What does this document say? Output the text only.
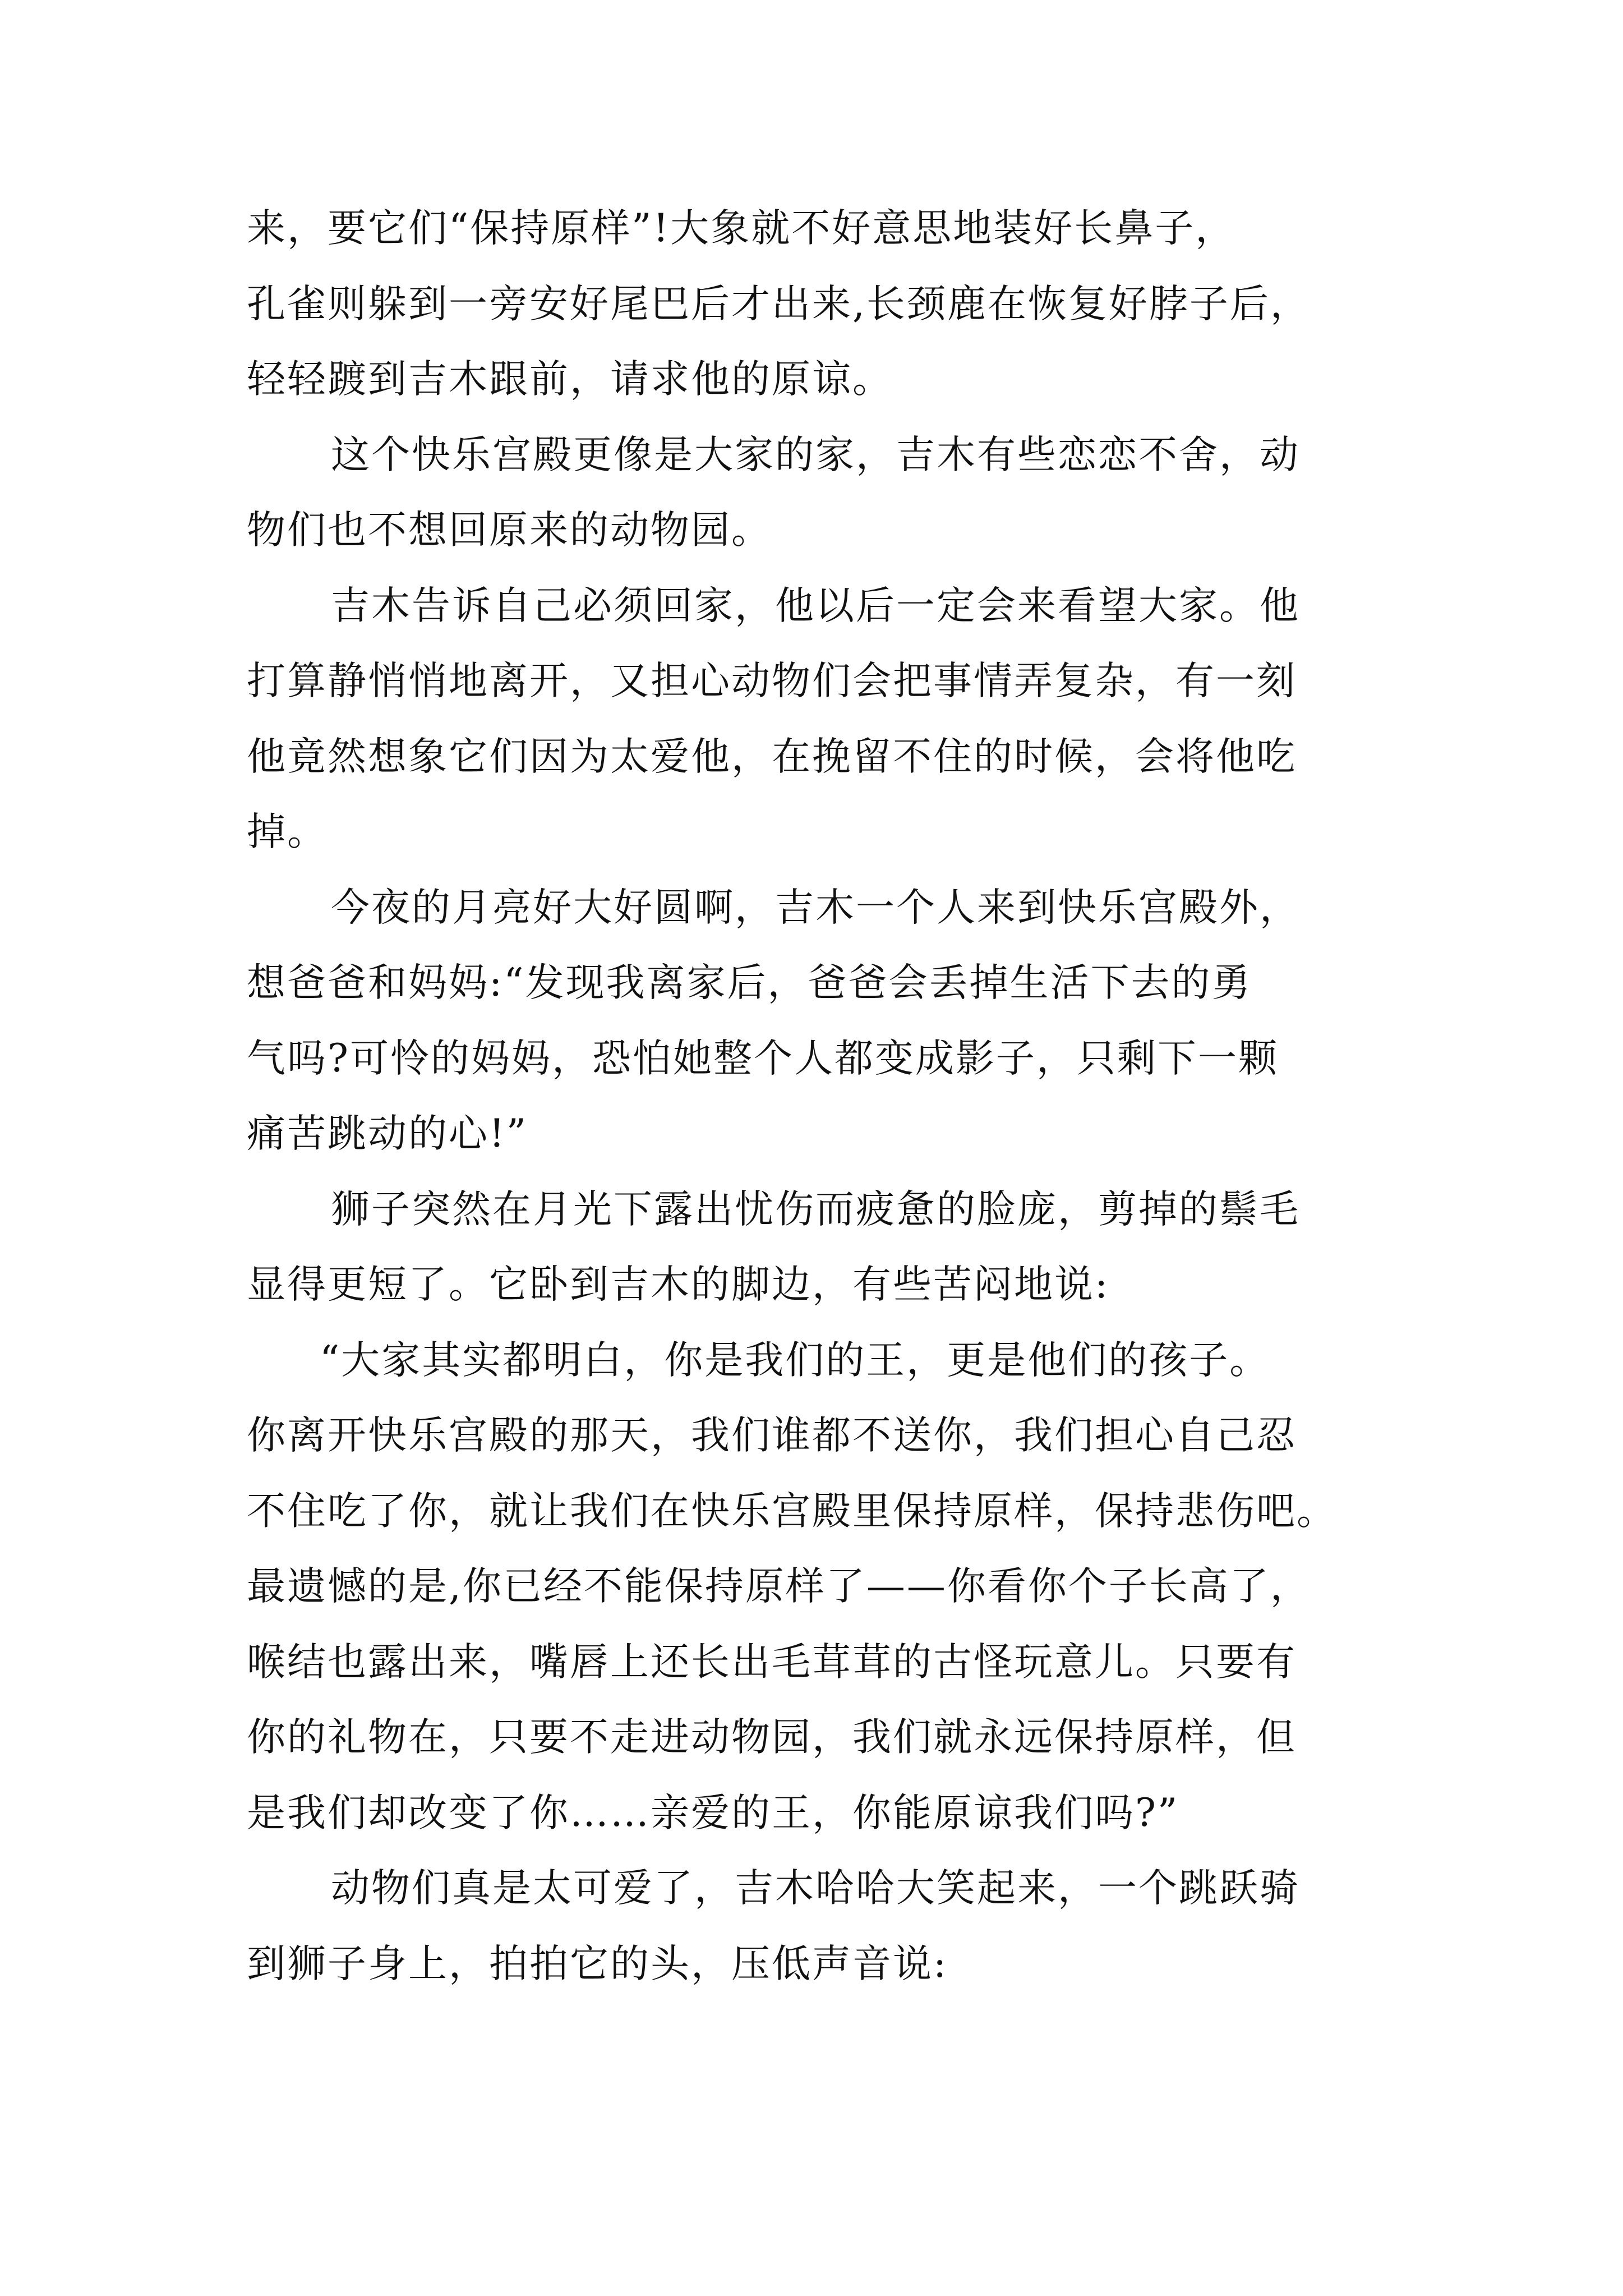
来，要它们“保持原样”!大象就不好意思地装好长鼻子，
孔雀则躲到一旁安好尾巴后才出来,长颈鹿在恢复好脖子后，
轻轻踱到吉木跟前，请求他的原谅。
这个快乐宫殿更像是大家的家，吉木有些恋恋不舍，动
物们也不想回原来的动物园。
吉木告诉自己必须回家，他以后一定会来看望大家。他
打算静悄悄地离开，又担心动物们会把事情弄复杂，有一刻
他竟然想象它们因为太爱他，在挽留不住的时候，会将他吃
掉。
今夜的月亮好大好圆啊，吉木一个人来到快乐宫殿外，
想爸爸和妈妈:“发现我离家后，爸爸会丢掉生活下去的勇
气吗?可怜的妈妈，恐怕她整个人都变成影子，只剩下一颗
痛苦跳动的心!”
狮子突然在月光下露出忧伤而疲惫的脸庞，剪掉的鬃毛
显得更短了。它卧到吉木的脚边，有些苦闷地说:
“大家其实都明白，你是我们的王，更是他们的孩子。
你离开快乐宫殿的那天，我们谁都不送你，我们担心自己忍
不住吃了你，就让我们在快乐宫殿里保持原样，保持悲伤吧。
最遗憾的是,你已经不能保持原样了——你看你个子长高了，
喉结也露出来，嘴唇上还长出毛茸茸的古怪玩意儿。只要有
你的礼物在，只要不走进动物园，我们就永远保持原样，但
是我们却改变了你……亲爱的王，你能原谅我们吗?”
动物们真是太可爱了，吉木哈哈大笑起来，一个跳跃骑
到狮子身上，拍拍它的头，压低声音说:
